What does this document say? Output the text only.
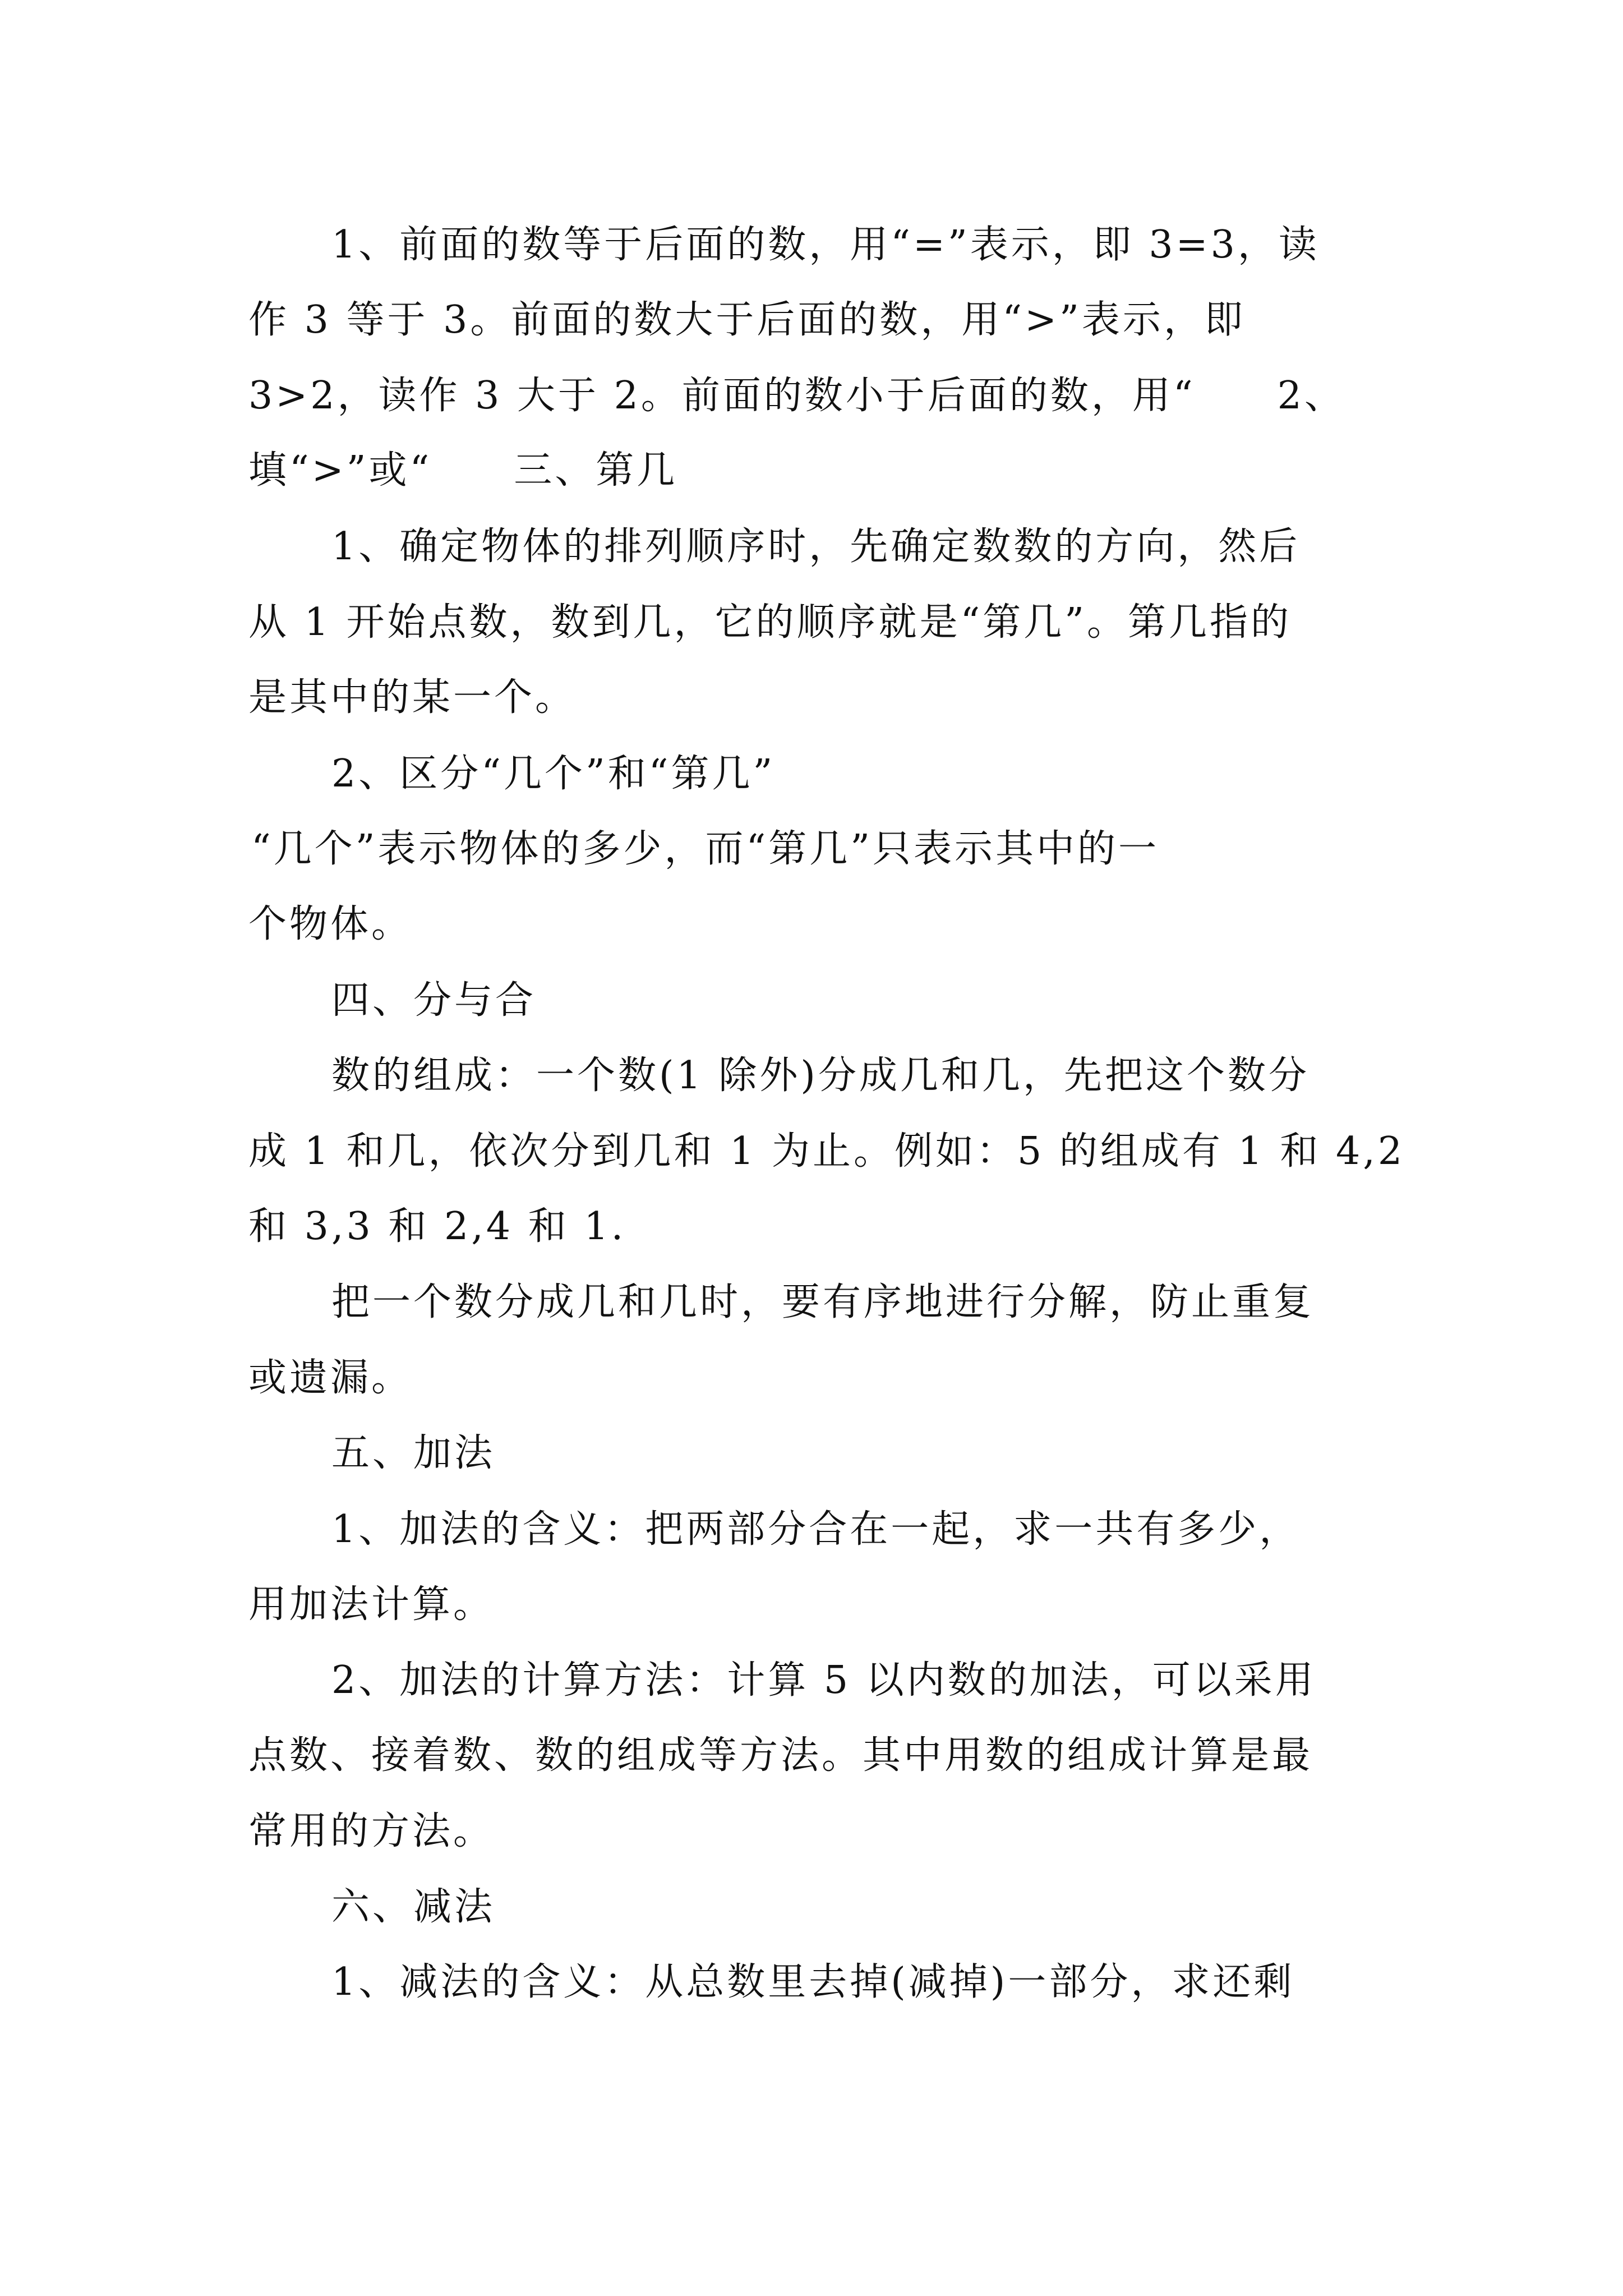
1、前面的数等于后面的数，用“=”表示，即 3=3，读
作 3 等于 3。前面的数大于后面的数，用“>”表示，即
3>2，读作 3 大于 2。前面的数小于后面的数，用“　　2、
填“>”或“　　三、第几
1、确定物体的排列顺序时，先确定数数的方向，然后
从 1 开始点数，数到几，它的顺序就是“第几”。第几指的
是其中的某一个。
2、区分“几个”和“第几”
“几个”表示物体的多少，而“第几”只表示其中的一
个物体。
四、分与合
数的组成：一个数(1 除外)分成几和几，先把这个数分
成 1 和几，依次分到几和 1 为止。例如：5 的组成有 1 和 4,2
和 3,3 和 2,4 和 1.
把一个数分成几和几时，要有序地进行分解，防止重复
或遗漏。
五、加法
1、加法的含义：把两部分合在一起，求一共有多少，
用加法计算。
2、加法的计算方法：计算 5 以内数的加法，可以采用
点数、接着数、数的组成等方法。其中用数的组成计算是最
常用的方法。
六、减法
1、减法的含义：从总数里去掉(减掉)一部分，求还剩
